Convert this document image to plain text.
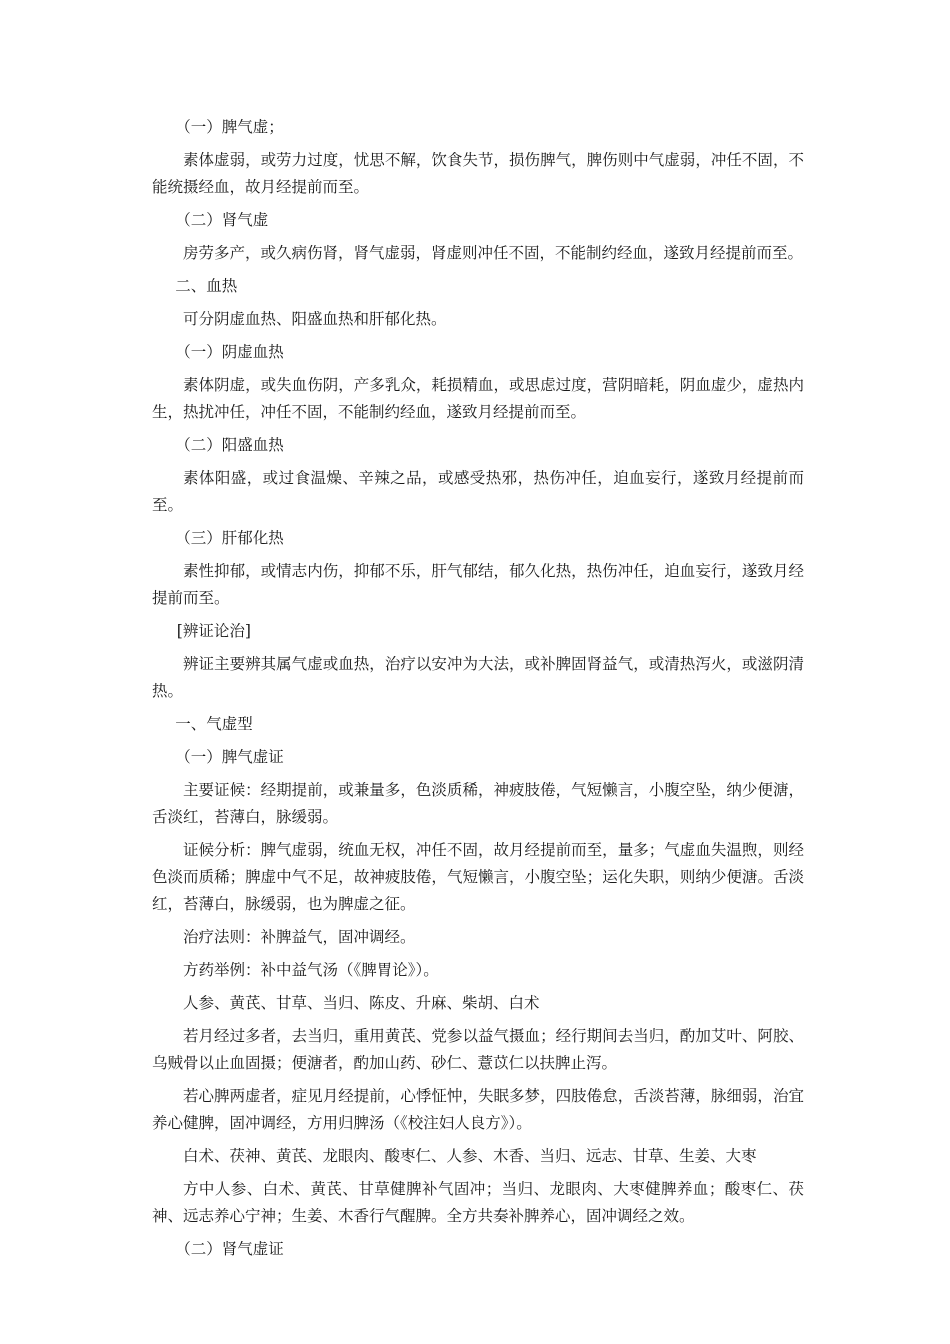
（一）脾气虚；

素体虚弱，或劳力过度，忧思不解，饮食失节，损伤脾气，脾伤则中气虚弱，冲任不固，不能统摄经血，故月经提前而至。

（二）肾气虚

房劳多产，或久病伤肾，肾气虚弱，肾虚则冲任不固，不能制约经血，遂致月经提前而至。

二、血热

可分阴虚血热、阳盛血热和肝郁化热。

（一）阴虚血热

素体阴虚，或失血伤阴，产多乳众，耗损精血，或思虑过度，营阴暗耗，阴血虚少，虚热内生，热扰冲任，冲任不固，不能制约经血，遂致月经提前而至。

（二）阳盛血热

素体阳盛，或过食温燥、辛辣之品，或感受热邪，热伤冲任，迫血妄行，遂致月经提前而至。

（三）肝郁化热

素性抑郁，或情志内伤，抑郁不乐，肝气郁结，郁久化热，热伤冲任，迫血妄行，遂致月经提前而至。

[辨证论治]

辨证主要辨其属气虚或血热，治疗以安冲为大法，或补脾固肾益气，或清热泻火，或滋阴清热。

一、气虚型

（一）脾气虚证

主要证候：经期提前，或兼量多，色淡质稀，神疲肢倦，气短懒言，小腹空坠，纳少便溏，舌淡红，苔薄白，脉缓弱。

证候分析：脾气虚弱，统血无权，冲任不固，故月经提前而至，量多；气虚血失温煦，则经色淡而质稀；脾虚中气不足，故神疲肢倦，气短懒言，小腹空坠；运化失职，则纳少便溏。舌淡红，苔薄白，脉缓弱，也为脾虚之征。

治疗法则：补脾益气，固冲调经。

方药举例：补中益气汤（《脾胃论》）。

人参、黄芪、甘草、当归、陈皮、升麻、柴胡、白术

若月经过多者，去当归，重用黄芪、党参以益气摄血；经行期间去当归，酌加艾叶、阿胶、乌贼骨以止血固摄；便溏者，酌加山药、砂仁、薏苡仁以扶脾止泻。

若心脾两虚者，症见月经提前，心悸怔忡，失眠多梦，四肢倦怠，舌淡苔薄，脉细弱，治宜养心健脾，固冲调经，方用归脾汤（《校注妇人良方》）。

白术、茯神、黄芪、龙眼肉、酸枣仁、人参、木香、当归、远志、甘草、生姜、大枣

方中人参、白术、黄芪、甘草健脾补气固冲；当归、龙眼肉、大枣健脾养血；酸枣仁、茯神、远志养心宁神；生姜、木香行气醒脾。全方共奏补脾养心，固冲调经之效。

（二）肾气虚证
